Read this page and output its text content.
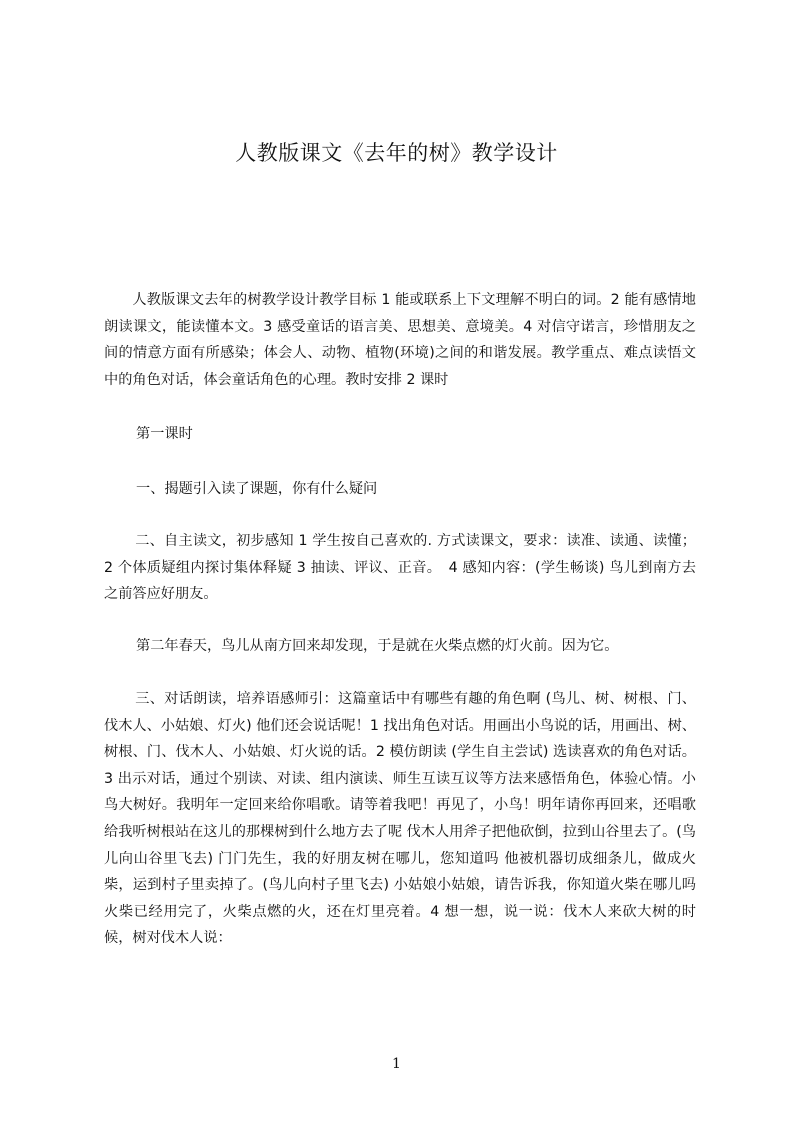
人教版课文《去年的树》教学设计

人教版课文去年的树教学设计教学目标 1 能或联系上下文理解不明白的词。2 能有感情地朗读课文，能读懂本文。3 感受童话的语言美、思想美、意境美。4 对信守诺言，珍惜朋友之间的情意方面有所感染；体会人、动物、植物(环境)之间的和谐发展。教学重点、难点读悟文中的角色对话，体会童话角色的心理。教时安排 2 课时

第一课时

一、揭题引入读了课题，你有什么疑问

二、自主读文，初步感知 1 学生按自己喜欢的. 方式读课文，要求：读准、读通、读懂；2 个体质疑组内探讨集体释疑 3 抽读、评议、正音。　4 感知内容：(学生畅谈) 鸟儿到南方去之前答应好朋友。

第二年春天，鸟儿从南方回来却发现，于是就在火柴点燃的灯火前。因为它。

三、对话朗读，培养语感师引：这篇童话中有哪些有趣的角色啊 (鸟儿、树、树根、门、伐木人、小姑娘、灯火) 他们还会说话呢！1 找出角色对话。用画出小鸟说的话，用画出、树、树根、门、伐木人、小姑娘、灯火说的话。2 模仿朗读 (学生自主尝试) 选读喜欢的角色对话。3 出示对话，通过个别读、对读、组内演读、师生互读互议等方法来感悟角色，体验心情。小鸟大树好。我明年一定回来给你唱歌。请等着我吧！再见了，小鸟！明年请你再回来，还唱歌给我听树根站在这儿的那棵树到什么地方去了呢 伐木人用斧子把他砍倒，拉到山谷里去了。(鸟儿向山谷里飞去) 门门先生，我的好朋友树在哪儿，您知道吗 他被机器切成细条儿，做成火柴，运到村子里卖掉了。(鸟儿向村子里飞去) 小姑娘小姑娘，请告诉我，你知道火柴在哪儿吗 火柴已经用完了，火柴点燃的火，还在灯里亮着。4 想一想，说一说：伐木人来砍大树的时候，树对伐木人说：

1
